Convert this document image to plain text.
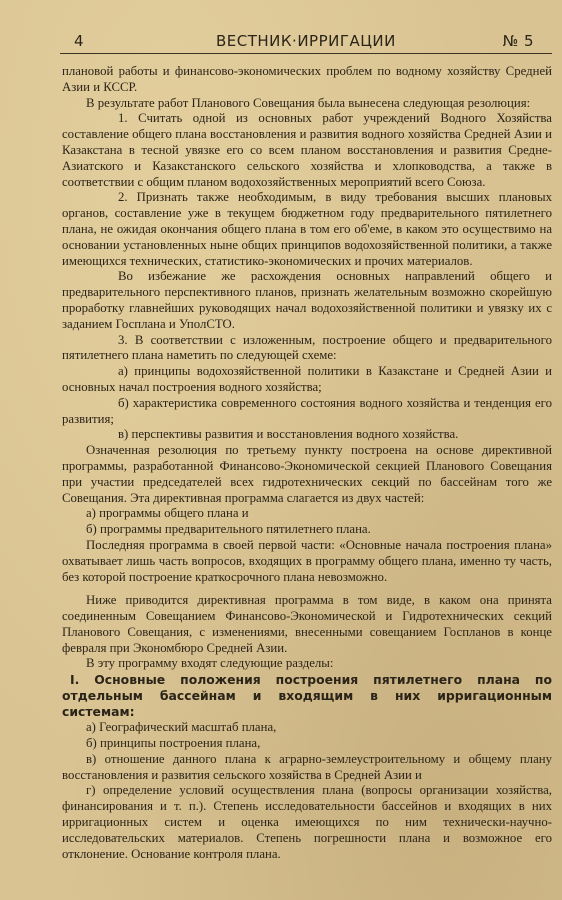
4	ВЕСТНИК·ИРРИГАЦИИ	№ 5

плановой работы и финансово-экономических проблем по водному хозяйству Средней Азии и КССР.

В результате работ Планового Совещания была вынесена следующая резолюция:

1. Считать одной из основных работ учреждений Водного Хозяйства составление общего плана восстановления и развития водного хозяйства Средней Азии и Казакстана в тесной увязке его со всем планом восстановления и развития Средне-Азиатского и Казакстанского сельского хозяйства и хлопководства, а также в соответствии с общим планом водохозяйственных мероприятий всего Союза.

2. Признать также необходимым, в виду требования высших плановых органов, составление уже в текущем бюджетном году предварительного пятилетнего плана, не ожидая окончания общего плана в том его об'еме, в каком это осуществимо на основании установленных ныне общих принципов водохозяйственной политики, а также имеющихся технических, статистико-экономических и прочих материалов.

Во избежание же расхождения основных направлений общего и предварительного перспективного планов, признать желательным возможно скорейшую проработку главнейших руководящих начал водохозяйственной политики и увязку их с заданием Госплана и УполСТО.

3. В соответствии с изложенным, построение общего и предварительного пятилетнего плана наметить по следующей схеме:

а) принципы водохозяйственной политики в Казакстане и Средней Азии и основных начал построения водного хозяйства;

б) характеристика современного состояния водного хозяйства и тенденция его развития;

в) перспективы развития и восстановления водного хозяйства.

Означенная резолюция по третьему пункту построена на основе директивной программы, разработанной Финансово-Экономической секцией Планового Совещания при участии председателей всех гидротехнических секций по бассейнам того же Совещания. Эта директивная программа слагается из двух частей:

а) программы общего плана и

б) программы предварительного пятилетнего плана.

Последняя программа в своей первой части: «Основные начала построения плана» охватывает лишь часть вопросов, входящих в программу общего плана, именно ту часть, без которой построение краткосрочного плана невозможно.

Ниже приводится директивная программа в том виде, в каком она принята соединенным Совещанием Финансово-Экономической и Гидротехнических секций Планового Совещания, с изменениями, внесенными совещанием Госпланов в конце февраля при Экономбюро Средней Азии.

В эту программу входят следующие разделы:

I. Основные положения построения пятилетнего плана по отдельным бассейнам и входящим в них ирригационным системам:

а) Географический масштаб плана,

б) принципы построения плана,

в) отношение данного плана к аграрно-землеустроительному и общему плану восстановления и развития сельского хозяйства в Средней Азии и

г) определение условий осуществления плана (вопросы организации хозяйства, финансирования и т. п.). Степень исследовательности бассейнов и входящих в них ирригационных систем и оценка имеющихся по ним технически-научно-исследовательских материалов. Степень погрешности плана и возможное его отклонение. Основание контроля плана.
